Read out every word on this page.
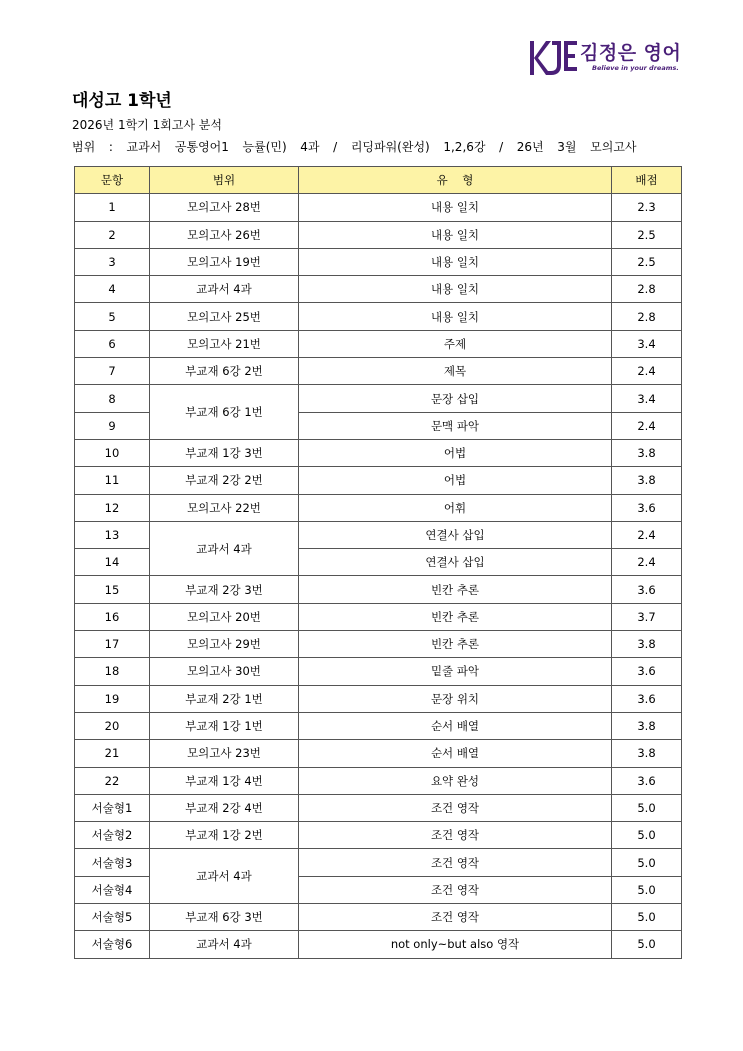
김정은 영어
Believe in your dreams.
대성고 1학년
2026년 1학기 1회고사 분석
범위  :  교과서  공통영어1  능률(민)  4과  /  리딩파워(완성)  1,2,6강  /  26년  3월  모의고사
문항	범위	유    형	배점
1	모의고사 28번	내용 일치	2.3
2	모의고사 26번	내용 일치	2.5
3	모의고사 19번	내용 일치	2.5
4	교과서 4과	내용 일치	2.8
5	모의고사 25번	내용 일치	2.8
6	모의고사 21번	주제	3.4
7	부교재 6강 2번	제목	2.4
8	부교재 6강 1번	문장 삽입	3.4
9		문맥 파악	2.4
10	부교재 1강 3번	어법	3.8
11	부교재 2강 2번	어법	3.8
12	모의고사 22번	어휘	3.6
13	교과서 4과	연결사 삽입	2.4
14		연결사 삽입	2.4
15	부교재 2강 3번	빈칸 추론	3.6
16	모의고사 20번	빈칸 추론	3.7
17	모의고사 29번	빈칸 추론	3.8
18	모의고사 30번	밑줄 파악	3.6
19	부교재 2강 1번	문장 위치	3.6
20	부교재 1강 1번	순서 배열	3.8
21	모의고사 23번	순서 배열	3.8
22	부교재 1강 4번	요약 완성	3.6
서술형1	부교재 2강 4번	조건 영작	5.0
서술형2	부교재 1강 2번	조건 영작	5.0
서술형3	교과서 4과	조건 영작	5.0
서술형4		조건 영작	5.0
서술형5	부교재 6강 3번	조건 영작	5.0
서술형6	교과서 4과	not only~but also 영작	5.0
